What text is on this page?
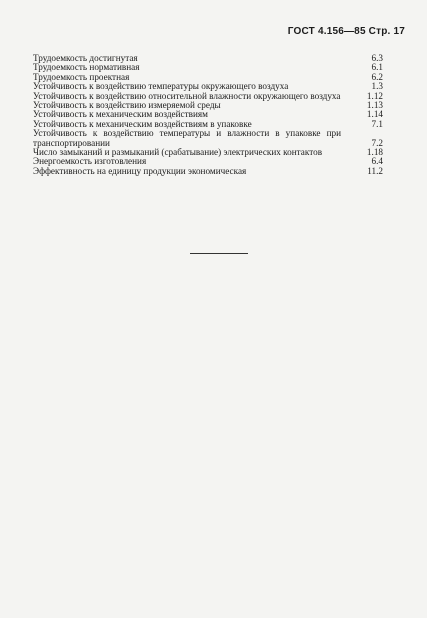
ГОСТ 4.156—85 Стр. 17
Трудоемкость достигнутая	6.3
Трудоемкость нормативная	6.1
Трудоемкость проектная	6.2
Устойчивость к воздействию температуры окружающего воздуха	1.3
Устойчивость к воздействию относительной влажности окружающего воздуха	1.12
Устойчивость к воздействию измеряемой среды	1.13
Устойчивость к механическим воздействиям	1.14
Устойчивость к механическим воздействиям в упаковке	7.1
Устойчивость к воздействию температуры и влажности в упаковке при транспортировании	7.2
Число замыканий и размыканий (срабатывание) электрических контактов	1.18
Энергоемкость изготовления	6.4
Эффективность на единицу продукции экономическая	11.2
